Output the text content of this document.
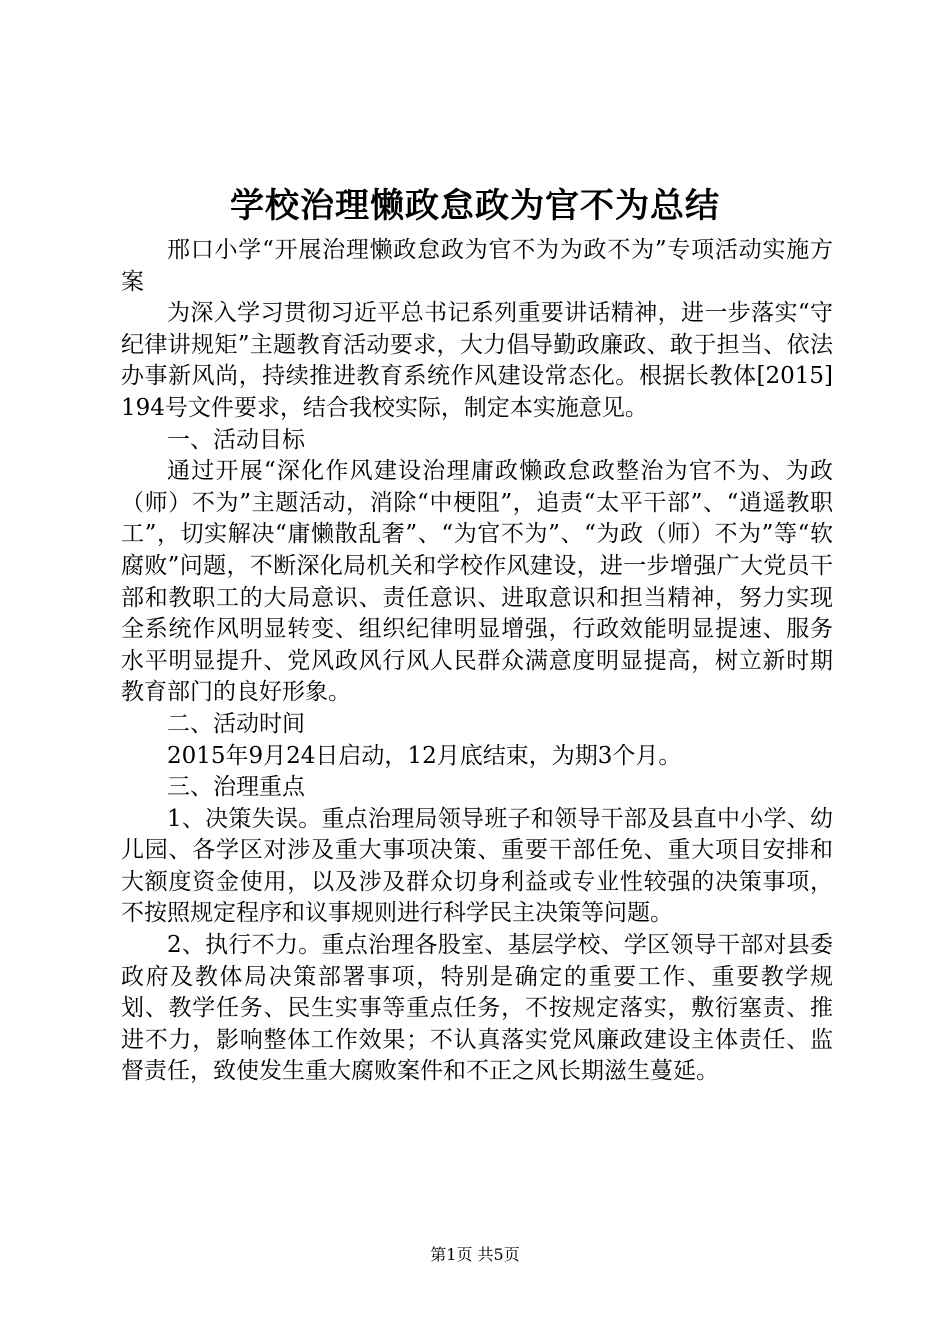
学校治理懒政怠政为官不为总结

邢口小学“开展治理懒政怠政为官不为为政不为”专项活动实施方案

为深入学习贯彻习近平总书记系列重要讲话精神，进一步落实“守纪律讲规矩”主题教育活动要求，大力倡导勤政廉政、敢于担当、依法办事新风尚，持续推进教育系统作风建设常态化。根据长教体[2015]194号文件要求，结合我校实际，制定本实施意见。

一、活动目标

通过开展“深化作风建设治理庸政懒政怠政整治为官不为、为政（师）不为”主题活动，消除“中梗阻”，追责“太平干部”、“逍遥教职工”，切实解决“庸懒散乱奢”、“为官不为”、“为政（师）不为”等“软腐败”问题，不断深化局机关和学校作风建设，进一步增强广大党员干部和教职工的大局意识、责任意识、进取意识和担当精神，努力实现全系统作风明显转变、组织纪律明显增强，行政效能明显提速、服务水平明显提升、党风政风行风人民群众满意度明显提高，树立新时期教育部门的良好形象。

二、活动时间

2015年9月24日启动，12月底结束，为期3个月。

三、治理重点

1、决策失误。重点治理局领导班子和领导干部及县直中小学、幼儿园、各学区对涉及重大事项决策、重要干部任免、重大项目安排和大额度资金使用，以及涉及群众切身利益或专业性较强的决策事项，不按照规定程序和议事规则进行科学民主决策等问题。

2、执行不力。重点治理各股室、基层学校、学区领导干部对县委政府及教体局决策部署事项，特别是确定的重要工作、重要教学规划、教学任务、民生实事等重点任务，不按规定落实，敷衍塞责、推进不力，影响整体工作效果；不认真落实党风廉政建设主体责任、监督责任，致使发生重大腐败案件和不正之风长期滋生蔓延。

第1页 共5页
